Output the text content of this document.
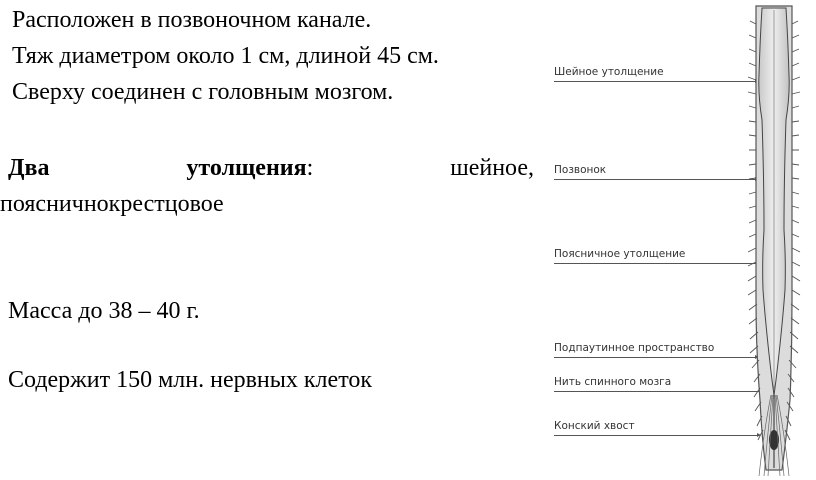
Расположен в позвоночном канале.
Тяж диаметром около 1 см, длиной 45 см.
Сверху соединен с головным мозгом.
Два	утолщения:	шейное,
поясничнокрестцовое
Масса до 38 – 40 г.
Содержит 150 млн. нервных клеток
Шейное утолщение
Позвонок
Поясничное утолщение
Подпаутинное пространство
Нить спинного мозга
Конский хвост
